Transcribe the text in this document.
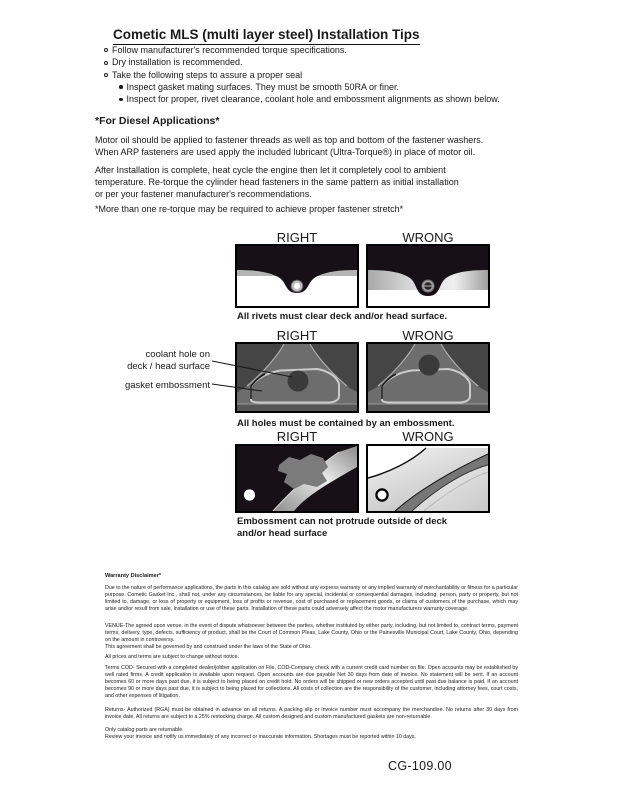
Cometic MLS (multi layer steel) Installation Tips
Follow manufacturer's recommended torque specifications.
Dry installation is recommended.
Take the following steps to assure a proper seal
Inspect gasket mating surfaces. They must be smooth 50RA or finer.
Inspect for proper, rivet clearance, coolant hole and embossment alignments as shown below.
*For Diesel Applications*
Motor oil should be applied to fastener threads as well as top and bottom of the fastener washers.
When ARP fasteners are used apply the included lubricant (Ultra-Torque®) in place of motor oil.
After Installation is complete, heat cycle the engine then let it completely cool to ambient
temperature. Re-torque the cylinder head fasteners in the same pattern as initial installation
or per your fastener manufacturer's recommendations.
*More than one re-torque may be required to achieve proper fastener stretch*
RIGHT	WRONG
All rivets must clear deck and/or head surface.
RIGHT	WRONG
coolant hole on
deck / head surface
gasket embossment
All holes must be contained by an embossment.
RIGHT	WRONG
Embossment can not protrude outside of deck
and/or head surface
Warranty Disclaimer*
Due to the nature of performance applications, the parts in this catalog are sold without any express warranty or any implied warranty of merchantability or fitness for a particular purpose. Cometic Gasket Inc., shall not, under any circumstances, be liable for any special, incidental or consequential damages, including, person, party or property, but not limited to, damage, or loss of property or equipment, loss of profits or revenue, cost of purchased or replacement goods, or claims of customers of the purchase, which may arise and/or result from sale, installation or use of these parts. Installation of these parts could adversely affect the motor manufacturers warranty coverage.
VENUE-The agreed upon venue, in the event of dispute whatsoever between the parties, whether instituted by either party, including, but not limited to, contract terms, payment terms, delivery, type, defects, sufficiency of product, shall be the Court of Common Pleas, Lake County, Ohio or the Painesville Municipal Court, Lake County, Ohio, depending on the amount in controversy.
This agreement shall be governed by and construed under the laws of the State of Ohio.
All prices and terms are subject to change without notice.
Terms COD- Secured with a completed dealer/jobber application on File, COD-Company check with a current credit card number on file. Open accounts may be established by well rated firms. A credit application is available upon request. Open accounts are due payable Net 30 days from date of invoice. No statement will be sent. If an account becomes 60 or more days past due, it is subject to being placed on credit hold. No orders will be shipped or new orders accepted until past due balance is paid. If an account becomes 90 or more days past due, it is subject to being placed for collections. All costs of collection are the responsibility of the customer, including attorney fees, court costs, and other expenses of litigation.
Returns- Authorized (RGA) must be obtained in advance on all returns. A packing slip or invoice number must accompany the merchandise. No returns after 30 days from invoice date. All returns are subject to a 25% restocking charge. All custom designed and custom manufactured gaskets are non-returnable.
Only catalog parts are returnable.
Review your invoice and notify us immediately of any incorrect or inaccurate information. Shortages must be reported within 10 days.
CG-109.00
